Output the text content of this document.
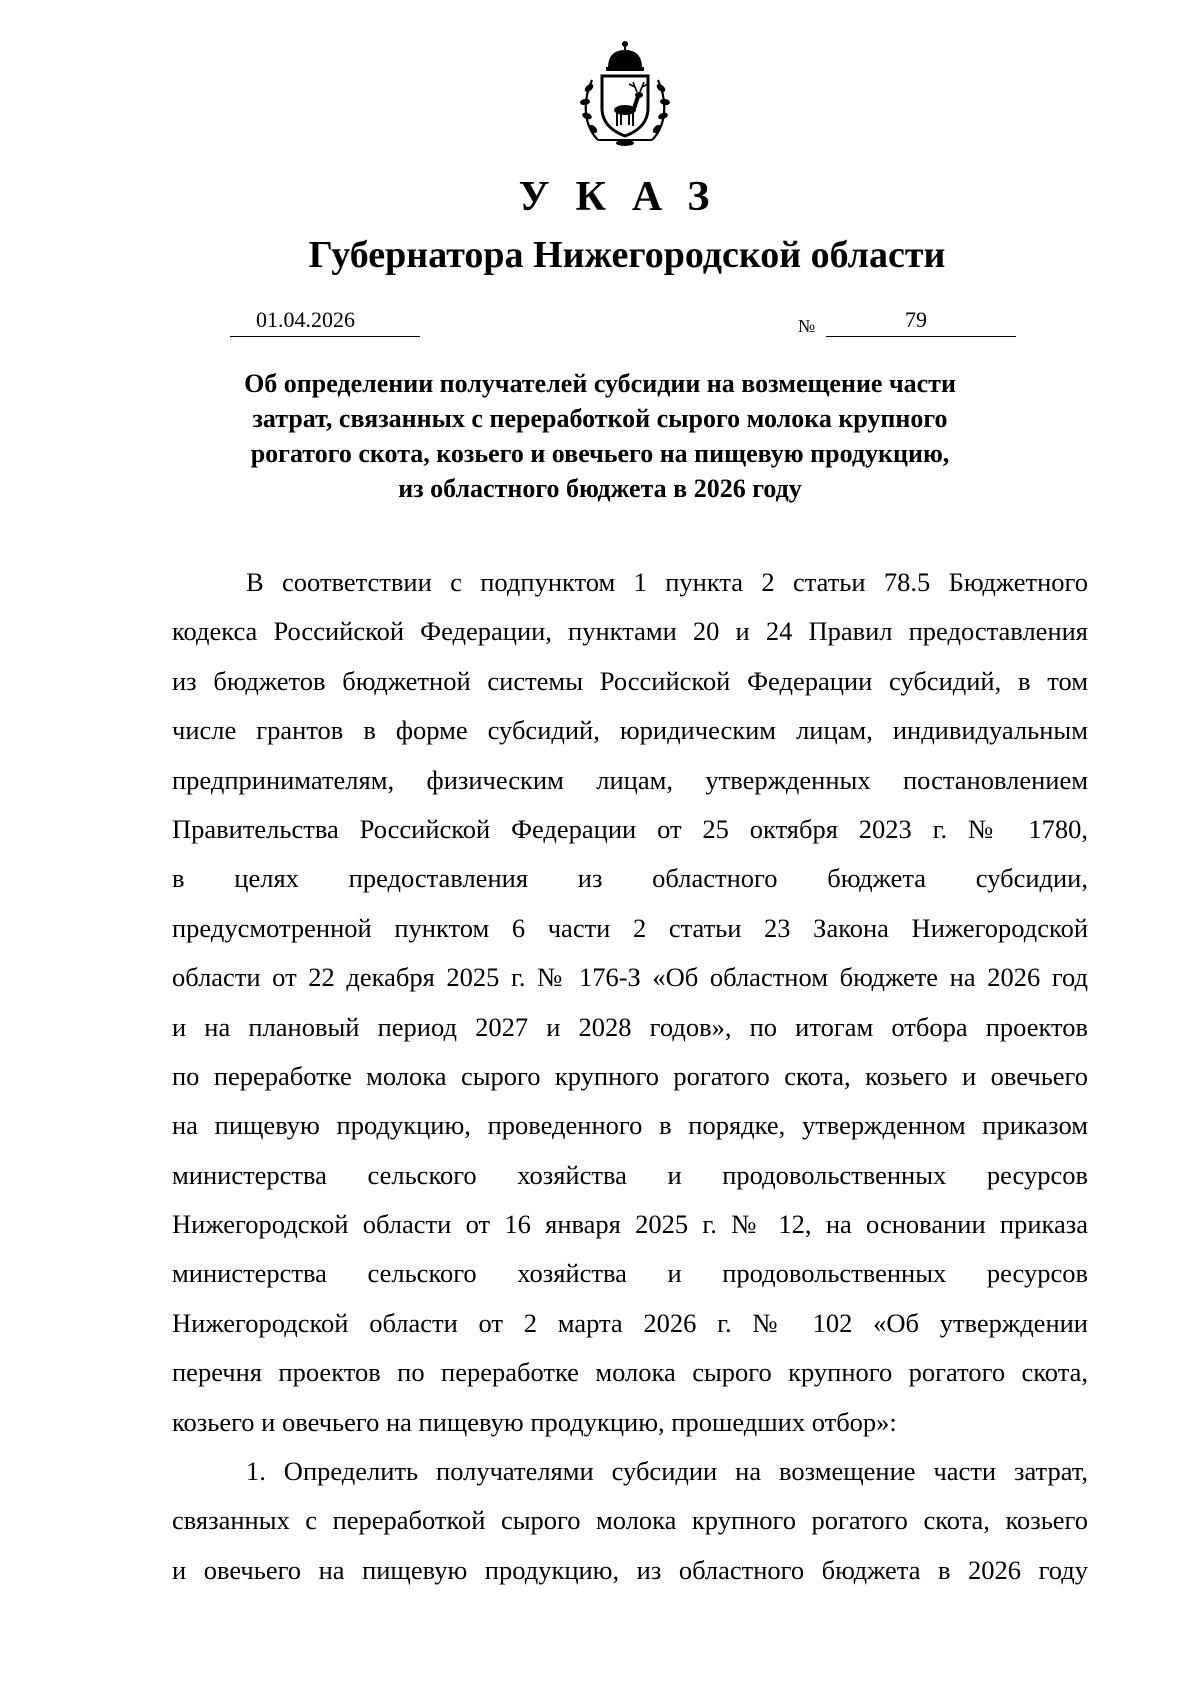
УКАЗ
Губернатора Нижегородской области
01.04.2026	№	79
Об определении получателей субсидии на возмещение части
затрат, связанных с переработкой сырого молока крупного
рогатого скота, козьего и овечьего на пищевую продукцию,
из областного бюджета в 2026 году
В соответствии с подпунктом 1 пункта 2 статьи 78.5 Бюджетного
кодекса Российской Федерации, пунктами 20 и 24 Правил предоставления
из бюджетов бюджетной системы Российской Федерации субсидий, в том
числе грантов в форме субсидий, юридическим лицам, индивидуальным
предпринимателям, физическим лицам, утвержденных постановлением
Правительства Российской Федерации от 25 октября 2023 г. № 1780,
в целях предоставления из областного бюджета субсидии,
предусмотренной пунктом 6 части 2 статьи 23 Закона Нижегородской
области от 22 декабря 2025 г. № 176-З «Об областном бюджете на 2026 год
и на плановый период 2027 и 2028 годов», по итогам отбора проектов
по переработке молока сырого крупного рогатого скота, козьего и овечьего
на пищевую продукцию, проведенного в порядке, утвержденном приказом
министерства сельского хозяйства и продовольственных ресурсов
Нижегородской области от 16 января 2025 г. № 12, на основании приказа
министерства сельского хозяйства и продовольственных ресурсов
Нижегородской области от 2 марта 2026 г. № 102 «Об утверждении
перечня проектов по переработке молока сырого крупного рогатого скота,
козьего и овечьего на пищевую продукцию, прошедших отбор»:
1. Определить получателями субсидии на возмещение части затрат,
связанных с переработкой сырого молока крупного рогатого скота, козьего
и овечьего на пищевую продукцию, из областного бюджета в 2026 году
